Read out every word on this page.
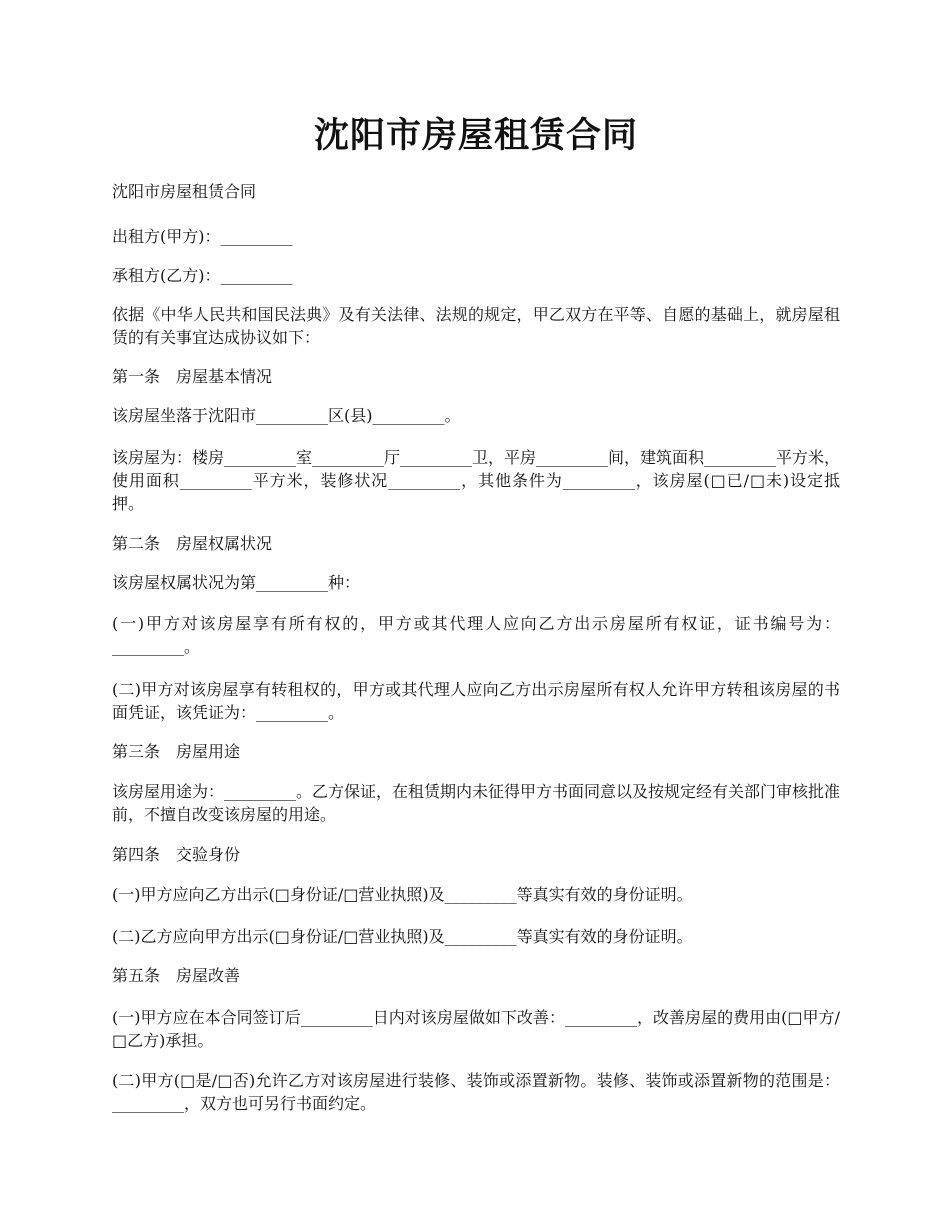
沈阳市房屋租赁合同

沈阳市房屋租赁合同

出租方(甲方)：_________

承租方(乙方)：_________

依据《中华人民共和国民法典》及有关法律、法规的规定，甲乙双方在平等、自愿的基础上，就房屋租赁的有关事宜达成协议如下：

第一条　房屋基本情况

该房屋坐落于沈阳市_________区(县)_________。

该房屋为：楼房_________室_________厅_________卫，平房_________间，建筑面积_________平方米，使用面积_________平方米，装修状况_________，其他条件为_________，该房屋(□已/□未)设定抵押。

第二条　房屋权属状况

该房屋权属状况为第_________种：

(一)甲方对该房屋享有所有权的，甲方或其代理人应向乙方出示房屋所有权证，证书编号为：_________。

(二)甲方对该房屋享有转租权的，甲方或其代理人应向乙方出示房屋所有权人允许甲方转租该房屋的书面凭证，该凭证为：_________。

第三条　房屋用途

该房屋用途为：_________。乙方保证，在租赁期内未征得甲方书面同意以及按规定经有关部门审核批准前，不擅自改变该房屋的用途。

第四条　交验身份

(一)甲方应向乙方出示(□身份证/□营业执照)及_________等真实有效的身份证明。

(二)乙方应向甲方出示(□身份证/□营业执照)及_________等真实有效的身份证明。

第五条　房屋改善

(一)甲方应在本合同签订后_________日内对该房屋做如下改善：_________，改善房屋的费用由(□甲方/□乙方)承担。

(二)甲方(□是/□否)允许乙方对该房屋进行装修、装饰或添置新物。装修、装饰或添置新物的范围是：_________，双方也可另行书面约定。
